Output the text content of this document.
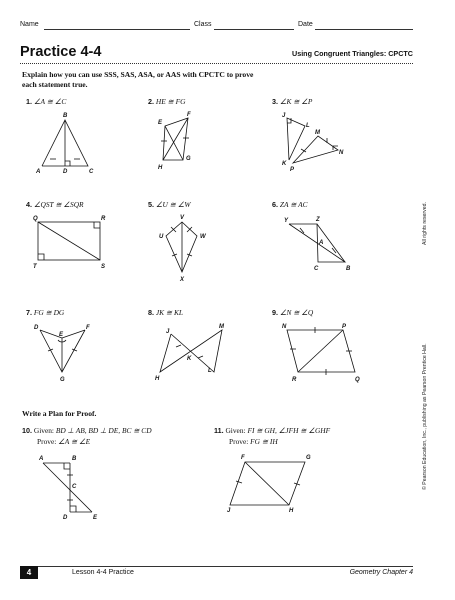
Name	Class	Date
Practice 4-4	Using Congruent Triangles: CPCTC
Explain how you can use SSS, SAS, ASA, or AAS with CPCTC to prove
each statement true.
1. ∠A ≅ ∠C	2. HE ≅ FG	3. ∠K ≅ ∠P
4. ∠QST ≅ ∠SQR	5. ∠U ≅ ∠W	6. ZA ≅ AC
7. FG ≅ DG	8. JK ≅ KL	9. ∠N ≅ ∠Q
Write a Plan for Proof.
10. Given: BD ⊥ AB, BD ⊥ DE, BC ≅ CD
Prove: ∠A ≅ ∠E
11. Given: FI ≅ GH, ∠JFH ≅ ∠GHF
Prove: FG ≅ IH
All rights reserved.
© Pearson Education, Inc., publishing as Pearson Prentice Hall.
B
A	D	C
E
F
H
G
J
L
M
N
K
P
Q	R
T	S
V
U	W
X
Y	Z
A
C	B
D
E
F
G
J
M
K
H
L
N	P
R	Q
A	B
C
D	E
F	G
J	H
4	Lesson 4-4 Practice	Geometry Chapter 4
